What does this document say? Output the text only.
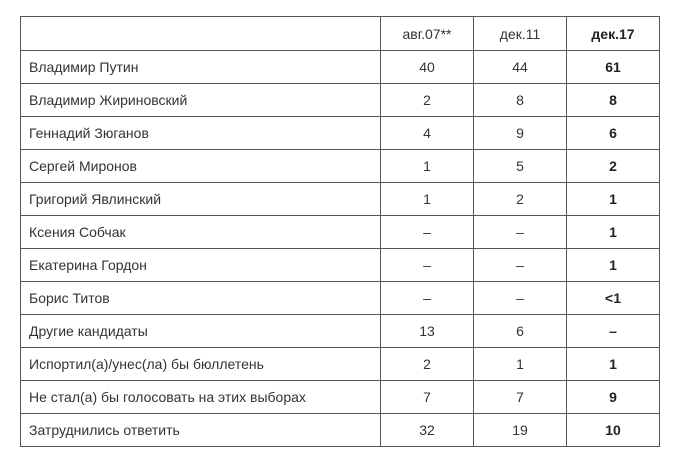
	авг.07**	дек.11	дек.17
Владимир Путин	40	44	61
Владимир Жириновский	2	8	8
Геннадий Зюганов	4	9	6
Сергей Миронов	1	5	2
Григорий Явлинский	1	2	1
Ксения Собчак	–	–	1
Екатерина Гордон	–	–	1
Борис Титов	–	–	<1
Другие кандидаты	13	6	–
Испортил(а)/унес(ла) бы бюллетень	2	1	1
Не стал(а) бы голосовать на этих выборах	7	7	9
Затруднились ответить	32	19	10
